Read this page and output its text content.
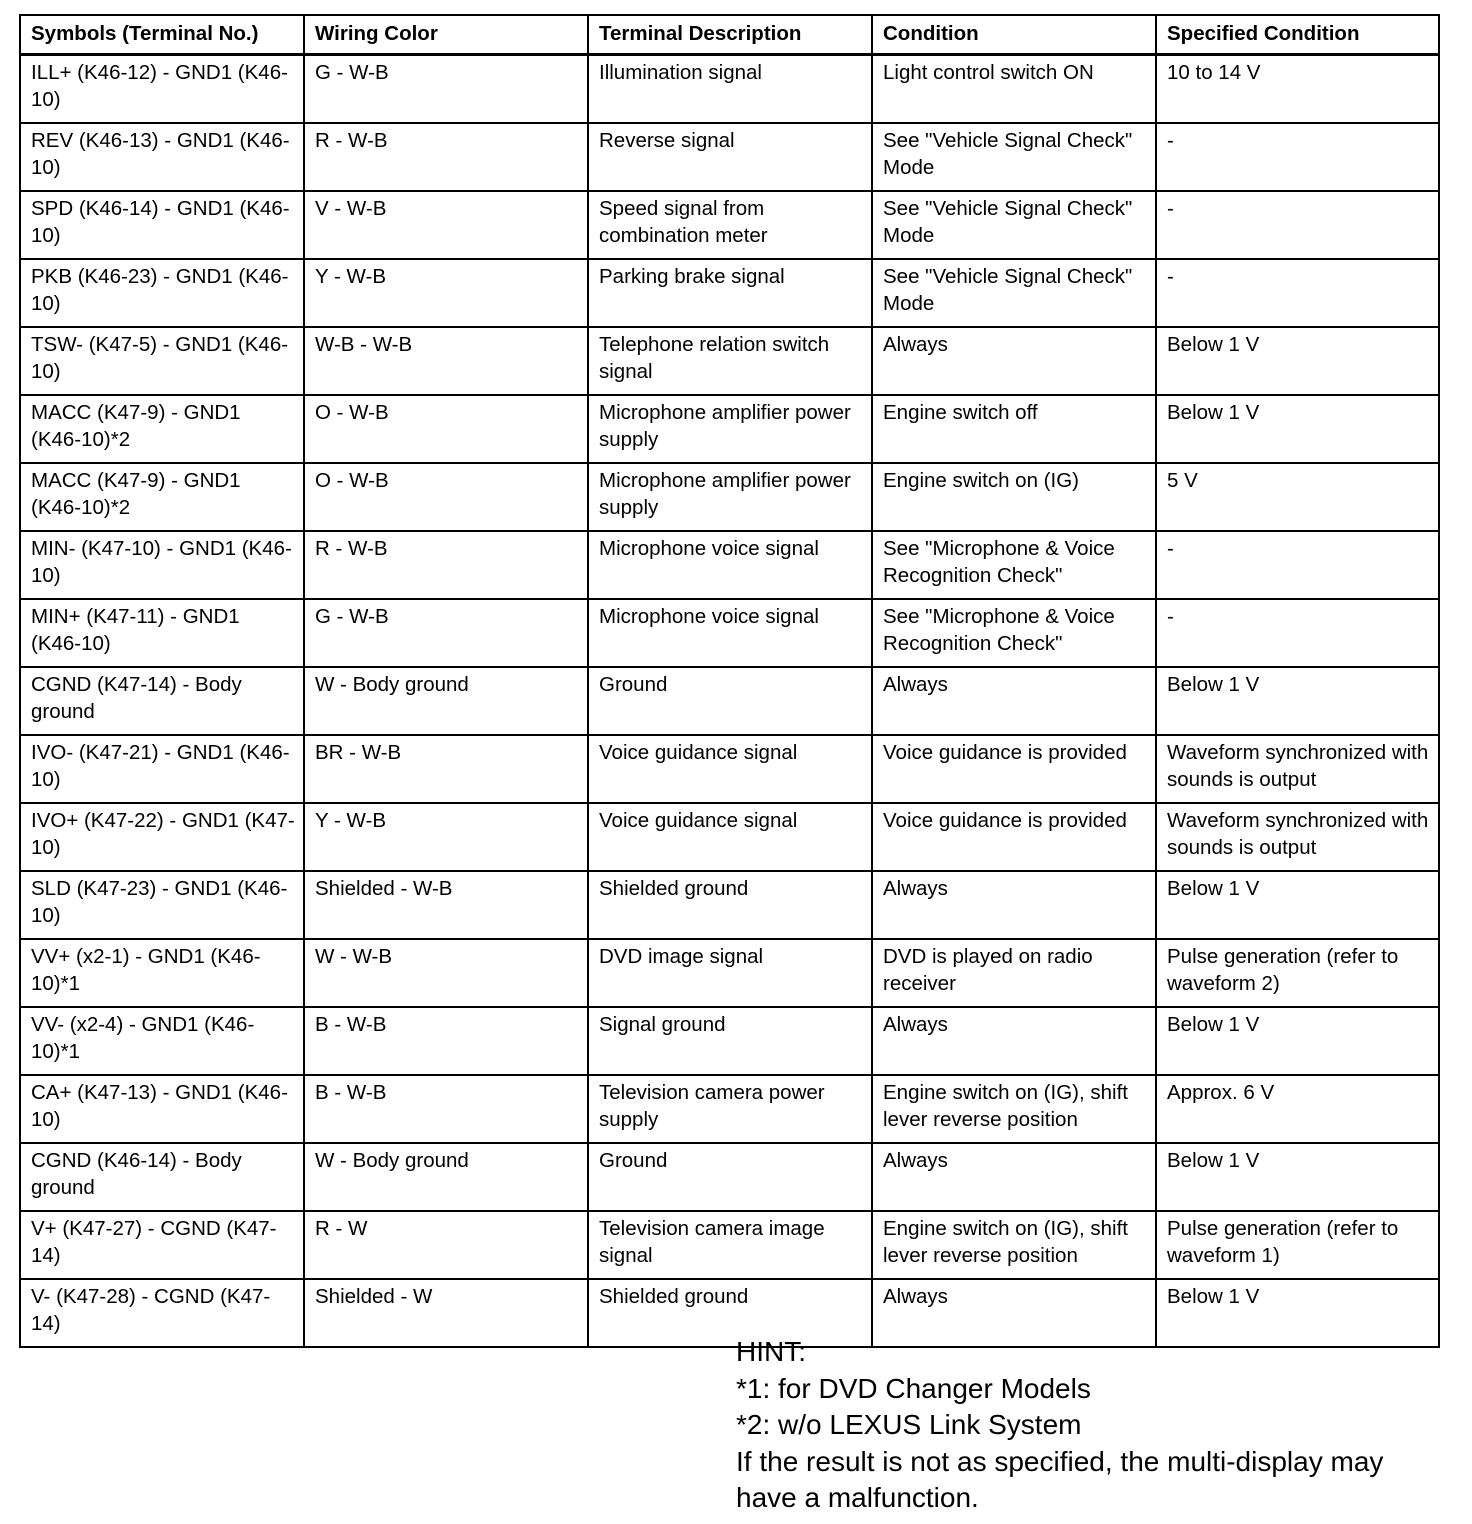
Symbols (Terminal No.)	Wiring Color	Terminal Description	Condition	Specified Condition
ILL+ (K46-12) - GND1 (K46-10)	G - W-B	Illumination signal	Light control switch ON	10 to 14 V
REV (K46-13) - GND1 (K46-10)	R - W-B	Reverse signal	See "Vehicle Signal Check" Mode	-
SPD (K46-14) - GND1 (K46-10)	V - W-B	Speed signal from combination meter	See "Vehicle Signal Check" Mode	-
PKB (K46-23) - GND1 (K46-10)	Y - W-B	Parking brake signal	See "Vehicle Signal Check" Mode	-
TSW- (K47-5) - GND1 (K46-10)	W-B - W-B	Telephone relation switch signal	Always	Below 1 V
MACC (K47-9) - GND1 (K46-10)*2	O - W-B	Microphone amplifier power supply	Engine switch off	Below 1 V
MACC (K47-9) - GND1 (K46-10)*2	O - W-B	Microphone amplifier power supply	Engine switch on (IG)	5 V
MIN- (K47-10) - GND1 (K46-10)	R - W-B	Microphone voice signal	See "Microphone & Voice Recognition Check"	-
MIN+ (K47-11) - GND1 (K46-10)	G - W-B	Microphone voice signal	See "Microphone & Voice Recognition Check"	-
CGND (K47-14) - Body ground	W - Body ground	Ground	Always	Below 1 V
IVO- (K47-21) - GND1 (K46-10)	BR - W-B	Voice guidance signal	Voice guidance is provided	Waveform synchronized with sounds is output
IVO+ (K47-22) - GND1 (K47-10)	Y - W-B	Voice guidance signal	Voice guidance is provided	Waveform synchronized with sounds is output
SLD (K47-23) - GND1 (K46-10)	Shielded - W-B	Shielded ground	Always	Below 1 V
VV+ (x2-1) - GND1 (K46-10)*1	W - W-B	DVD image signal	DVD is played on radio receiver	Pulse generation (refer to waveform 2)
VV- (x2-4) - GND1 (K46-10)*1	B - W-B	Signal ground	Always	Below 1 V
CA+ (K47-13) - GND1 (K46-10)	B - W-B	Television camera power supply	Engine switch on (IG), shift lever reverse position	Approx. 6 V
CGND (K46-14) - Body ground	W - Body ground	Ground	Always	Below 1 V
V+ (K47-27) - CGND (K47-14)	R - W	Television camera image signal	Engine switch on (IG), shift lever reverse position	Pulse generation (refer to waveform 1)
V- (K47-28) - CGND (K47-14)	Shielded - W	Shielded ground	Always	Below 1 V
HINT:
*1: for DVD Changer Models
*2: w/o LEXUS Link System
If the result is not as specified, the multi-display may
have a malfunction.
